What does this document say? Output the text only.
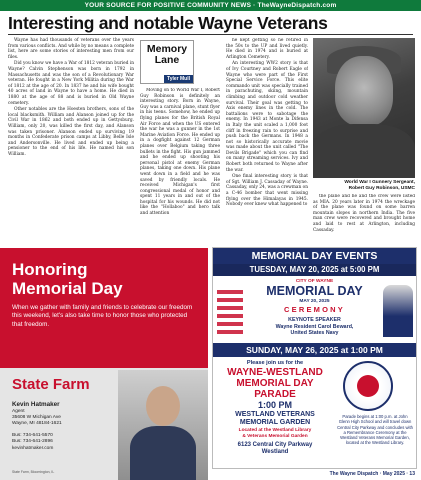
YOUR SOURCE FOR POSITIVE COMMUNITY NEWS · TheWayneDispatch.com
Interesting and notable Wayne Veterans

Wayne has had thousands of veterans over the years from various conflicts. And while by no means a complete list, here are some stories of interesting men from our files.

Did you know we have a War of 1812 veteran buried in Wayne? Calvin Stephenson was born in 1792 in Massachusetts and was the son of a Revolutionary War veteran. He fought in a New York Militia during the War of 1812 at the age of 20. In 1837 he and his wife bought 40 acres of land in Wayne to have a home. He died in 1880 at the age of 88 and is buried in Old Wayne cemetery.

Other notables are the Hoesten brothers, sons of the local blacksmith. William and Alanson joined up for the Civil War in 1862 and both ended up in Gettysburg. William, only 20, was killed the first day, and Alanson was taken prisoner. Alanson ended up surviving 19 months in Confederate prison camps at Libby, Belle Isle and Andersonville. He lived and ended up being a pensioner to the end of his life. He named his son William.

Memory Lane
Tyler Mull

Moving on to World War I, Robert Guy Robinson is definitely an interesting story. Born in Wayne, Guy was a carnival plane, stunt flyer in his teens. Somehow, he ended up flying planes for the British Royal Air Force and when the US entered the war he was a gunner in the 1st Marine Aviation Force. He ended up in a dogfight against 12 German planes over Belgium taking three bullets in the fight. His gun jammed and he ended up shooting his personal pistol at enemy German planes, taking one down. His plane went down in a field and he was saved by friendly locals. He received Michigan's first congressional medal of honor and spent 11 years in and out of the hospital for his wounds. He did not like the "Hollaboo" and hero talk and attention

he kept getting so he retired in the 50s to the UP and lived quietly. He died in 1974 and is buried at Arlington Cemetery.

An interesting WW2 story is that of Ivy Courtney and Robert Eagle of Wayne who were part of the First Special Service Force. This elite commando unit was specially trained in parachuting, skiing, mountain climbing and outdoor cold weather survival. Their goal was getting to Axis enemy lines in the cold. The battalions were to sabotage the enemy. In 1943 at Monte la Difensa in Italy the unit scaled a 1,000 foot cliff in freezing rain to surprise and push back the Germans. In 1948 a not so historically accurate movie was made about the unit called "The Devils Brigade" which you can find on many streaming services. Ivy and Robert both returned to Wayne after the war.

One final interesting story is that of Sgt. William J. Cassaday of Wayne. Cassaday, only 24, was a crewman on a C-46 bomber that went missing flying over the Himalayas in 1945. Nobody ever knew what happened to

World War I Gunnery Sergeant,
Robert Guy Robinson, USMC

the plane and he and the crew were listed as MIA. 20 years later in 1974 the wreckage of the plane was found on some barren mountain slopes in northern India. The five man crew were recovered and brought home and laid to rest at Arlington, including Cassaday.

Honoring Memorial Day
When we gather with family and friends to celebrate our freedom this weekend, let's also take time to honor those who protected that freedom.
State Farm
Kevin Hatmaker
Agent
35608 W Michigan Ave
Wayne, MI 48184-1621

Bus: 734-641-5570
Bus: 734-641-2896
kevinhatmaker.com
State Farm, Bloomington, IL
MEMORIAL DAY EVENTS
TUESDAY, MAY 20, 2025 at 5:00 PM
CITY OF WAYNE
MEMORIAL DAY
MAY 20, 2025
CEREMONY
KEYNOTE SPEAKER
Wayne Resident Carol Beward,
United States Navy
SUNDAY, MAY 26, 2025 at 1:00 PM
Please join us for the
WAYNE-WESTLAND
MEMORIAL DAY
PARADE
1:00 PM
WESTLAND VETERANS
MEMORIAL GARDEN
Located at the Westland Library
& Veterans Memorial Garden
6123 Central City Parkway
Westland
Parade begins at 1:00 p.m. at John Glenn High School and will travel down Central City Parkway and concludes with a Remembrance Ceremony at the Westland Veterans Memorial Garden, located at the Westland Library.
The Wayne Dispatch · May 2025 · 13
